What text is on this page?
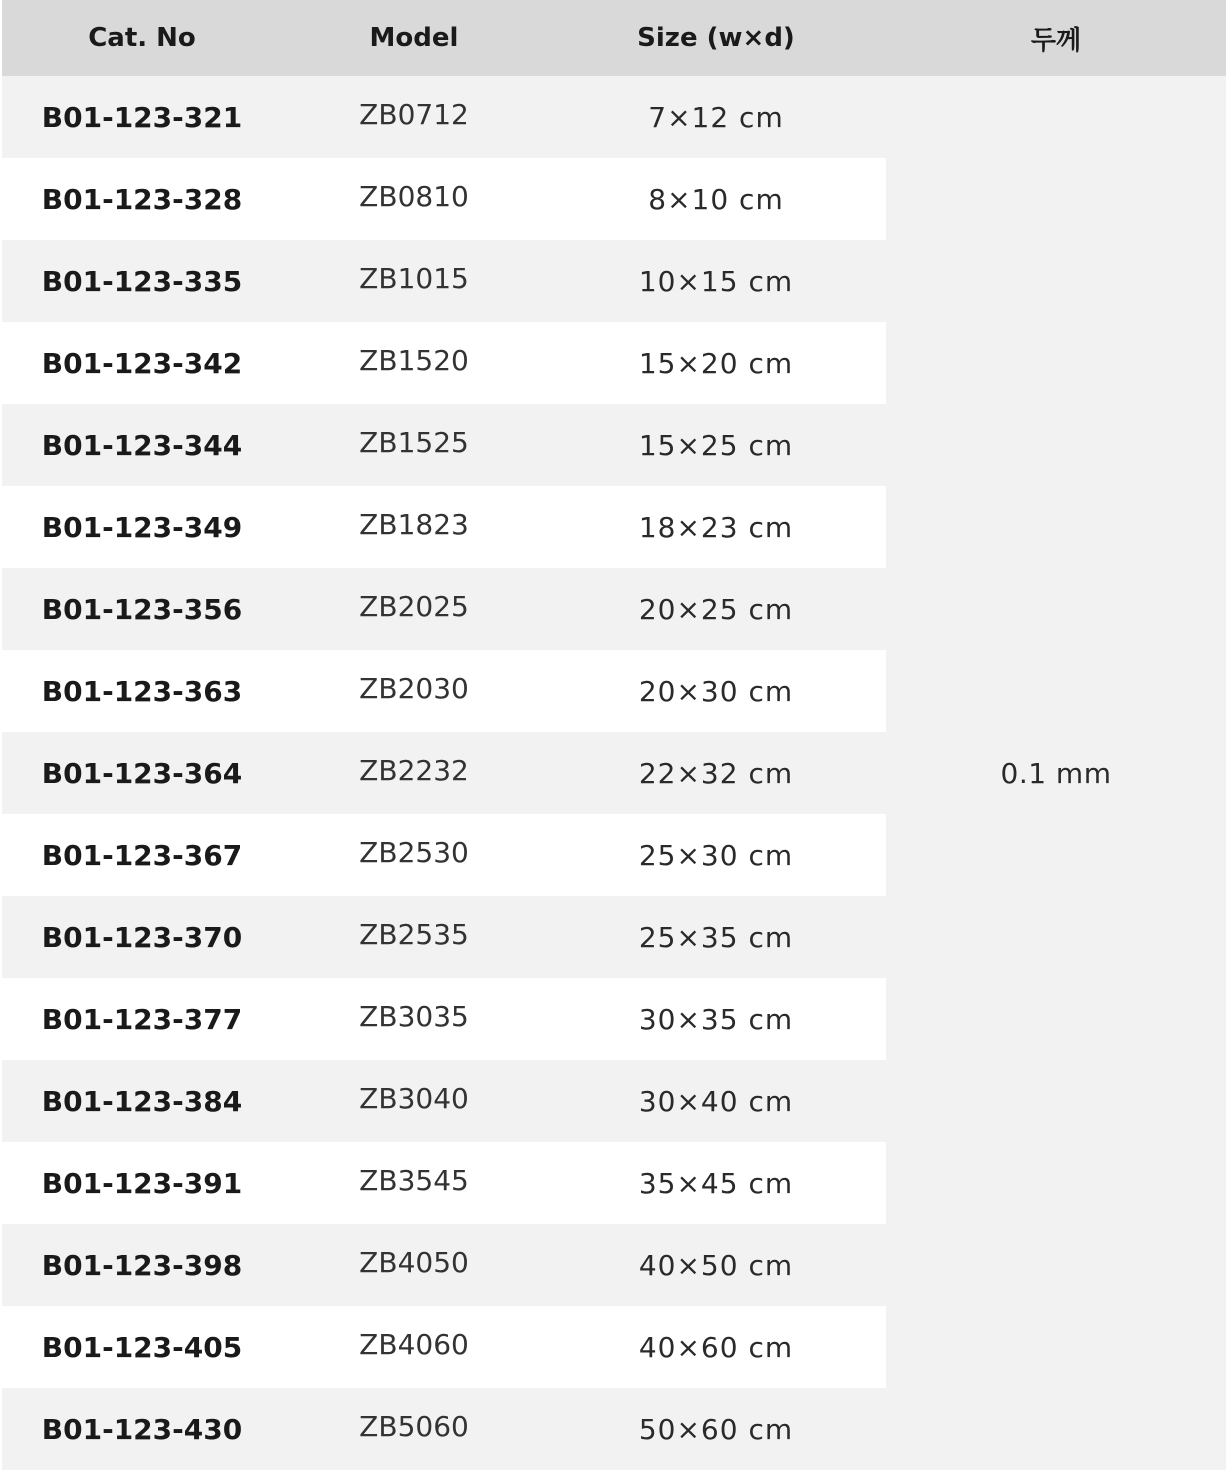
Cat. No	Model	Size (w×d)	두께
B01-123-321	ZB0712	7×12 cm	0.1 mm
B01-123-328	ZB0810	8×10 cm	
B01-123-335	ZB1015	10×15 cm	
B01-123-342	ZB1520	15×20 cm	
B01-123-344	ZB1525	15×25 cm	
B01-123-349	ZB1823	18×23 cm	
B01-123-356	ZB2025	20×25 cm	
B01-123-363	ZB2030	20×30 cm	
B01-123-364	ZB2232	22×32 cm	
B01-123-367	ZB2530	25×30 cm	
B01-123-370	ZB2535	25×35 cm	
B01-123-377	ZB3035	30×35 cm	
B01-123-384	ZB3040	30×40 cm	
B01-123-391	ZB3545	35×45 cm	
B01-123-398	ZB4050	40×50 cm	
B01-123-405	ZB4060	40×60 cm	
B01-123-430	ZB5060	50×60 cm	
